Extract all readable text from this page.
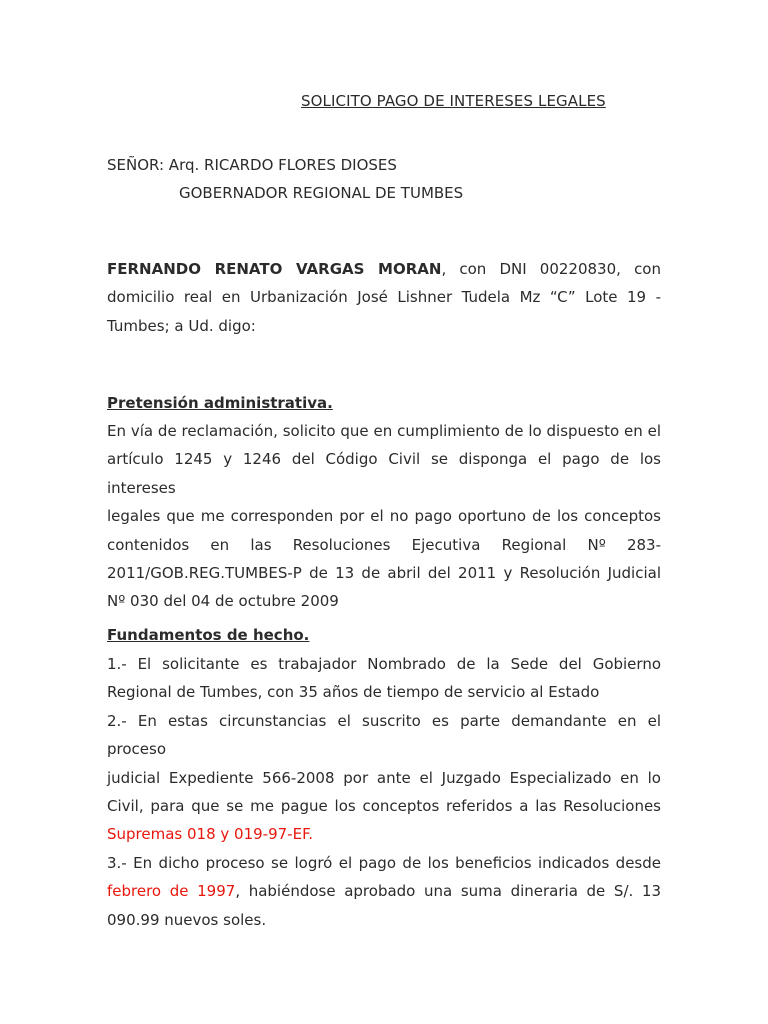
SOLICITO PAGO DE INTERESES LEGALES
SEÑOR: Arq. RICARDO FLORES DIOSES
GOBERNADOR REGIONAL DE TUMBES
FERNANDO RENATO VARGAS MORAN, con DNI 00220830, con
domicilio real en Urbanización José Lishner Tudela Mz “C” Lote 19 -
Tumbes; a Ud. digo:
Pretensión administrativa.
En vía de reclamación, solicito que en cumplimiento de lo dispuesto en el
artículo 1245 y 1246 del Código Civil se disponga el pago de los intereses
legales que me corresponden por el no pago oportuno de los conceptos
contenidos en las Resoluciones Ejecutiva Regional Nº 283-
2011/GOB.REG.TUMBES-P de 13 de abril del 2011 y Resolución Judicial
Nº 030 del 04 de octubre 2009
Fundamentos de hecho.
1.- El solicitante es trabajador Nombrado de la Sede del Gobierno
Regional de Tumbes, con 35 años de tiempo de servicio al Estado
2.- En estas circunstancias el suscrito es parte demandante en el proceso
judicial Expediente 566-2008 por ante el Juzgado Especializado en lo
Civil, para que se me pague los conceptos referidos a las Resoluciones
Supremas 018 y 019-97-EF.
3.- En dicho proceso se logró el pago de los beneficios indicados desde
febrero de 1997, habiéndose aprobado una suma dineraria de S/. 13
090.99 nuevos soles.
